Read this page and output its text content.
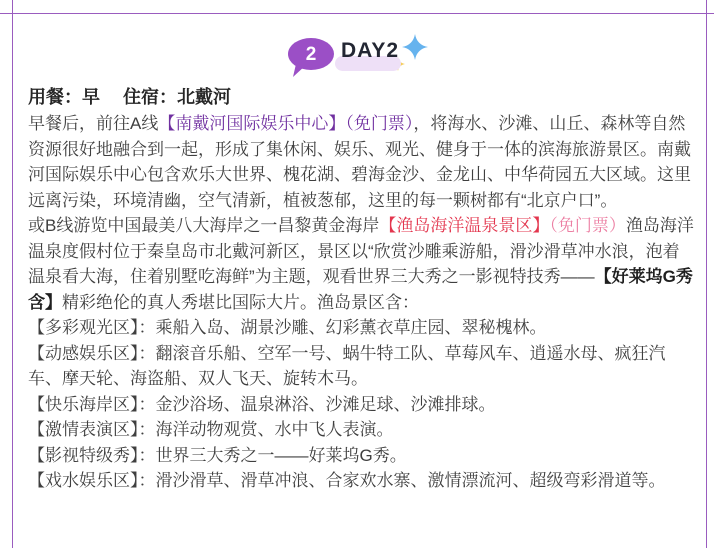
2 DAY2

用餐：早　 住宿：北戴河

早餐后，前往A线【南戴河国际娱乐中心】（免门票），将海水、沙滩、山丘、森林等自然资源很好地融合到一起，形成了集休闲、娱乐、观光、健身于一体的滨海旅游景区。南戴河国际娱乐中心包含欢乐大世界、槐花湖、碧海金沙、金龙山、中华荷园五大区域。这里远离污染，环境清幽，空气清新，植被葱郁，这里的每一颗树都有“北京户口”。

或B线游览中国最美八大海岸之一昌黎黄金海岸【渔岛海洋温泉景区】（免门票）渔岛海洋温泉度假村位于秦皇岛市北戴河新区，景区以“欣赏沙雕乘游船，滑沙滑草冲水浪，泡着温泉看大海，住着别墅吃海鲜”为主题，观看世界三大秀之一影视特技秀——【好莱坞G秀含】精彩绝伦的真人秀堪比国际大片。渔岛景区含：

【多彩观光区】：乘船入岛、湖景沙雕、幻彩薰衣草庄园、翠秘槐林。

【动感娱乐区】：翻滚音乐船、空军一号、蜗牛特工队、草莓风车、逍遥水母、疯狂汽车、摩天轮、海盗船、双人飞天、旋转木马。

【快乐海岸区】：金沙浴场、温泉淋浴、沙滩足球、沙滩排球。

【激情表演区】：海洋动物观赏、水中飞人表演。

【影视特级秀】：世界三大秀之一——好莱坞G秀。

【戏水娱乐区】：滑沙滑草、滑草冲浪、合家欢水寨、激情漂流河、超级弯彩滑道等。
